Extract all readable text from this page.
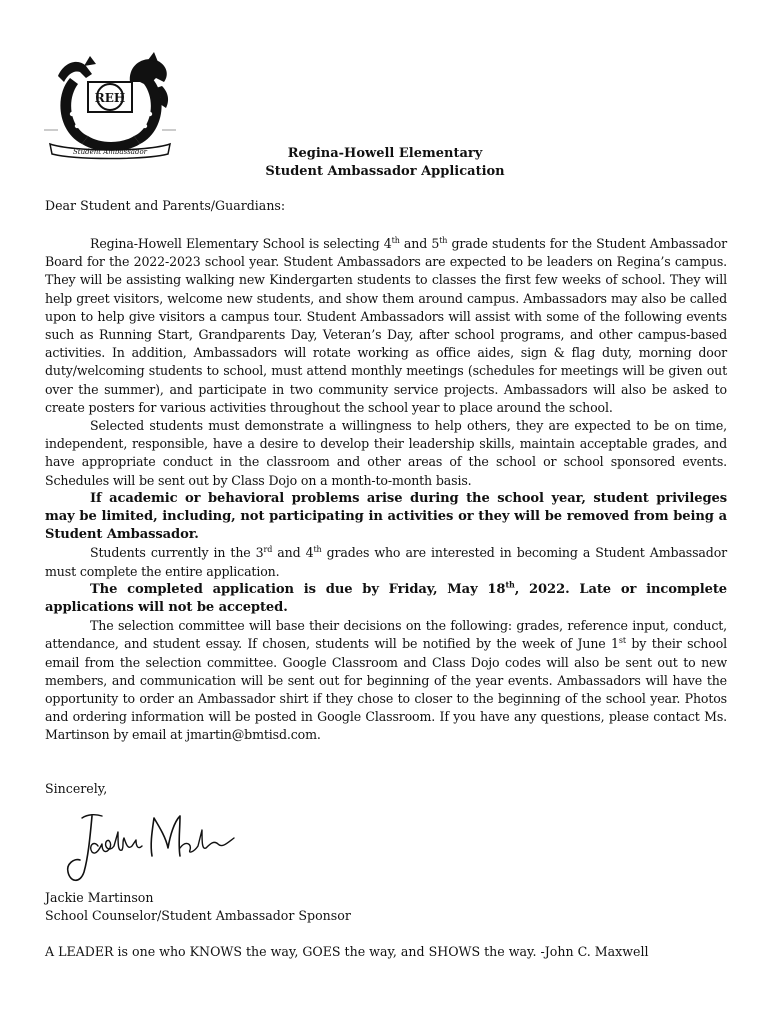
REH
Student Ambassador	Regina-Howell Elementary
Student Ambassador Application
Dear Student and Parents/Guardians:

Regina-Howell Elementary School is selecting 4th and 5th grade students for the Student Ambassador Board for the 2022-2023 school year. Student Ambassadors are expected to be leaders on Regina’s campus. They will be assisting walking new Kindergarten students to classes the first few weeks of school. They will help greet visitors, welcome new students, and show them around campus. Ambassadors may also be called upon to help give visitors a campus tour. Student Ambassadors will assist with some of the following events such as Running Start, Grandparents Day, Veteran’s Day, after school programs, and other campus-based activities. In addition, Ambassadors will rotate working as office aides, sign & flag duty, morning door duty/welcoming students to school, must attend monthly meetings (schedules for meetings will be given out over the summer), and participate in two community service projects. Ambassadors will also be asked to create posters for various activities throughout the school year to place around the school.

Selected students must demonstrate a willingness to help others, they are expected to be on time, independent, responsible, have a desire to develop their leadership skills, maintain acceptable grades, and have appropriate conduct in the classroom and other areas of the school or school sponsored events. Schedules will be sent out by Class Dojo on a month-to-month basis.

If academic or behavioral problems arise during the school year, student privileges may be limited, including, not participating in activities or they will be removed from being a Student Ambassador.

Students currently in the 3rd and 4th grades who are interested in becoming a Student Ambassador must complete the entire application.

The completed application is due by Friday, May 18th, 2022. Late or incomplete applications will not be accepted.

The selection committee will base their decisions on the following: grades, reference input, conduct, attendance, and student essay. If chosen, students will be notified by the week of June 1st by their school email from the selection committee. Google Classroom and Class Dojo codes will also be sent out to new members, and communication will be sent out for beginning of the year events. Ambassadors will have the opportunity to order an Ambassador shirt if they chose to closer to the beginning of the school year. Photos and ordering information will be posted in Google Classroom. If you have any questions, please contact Ms. Martinson by email at jmartin@bmtisd.com.

Sincerely,
Jackie Martinson
School Counselor/Student Ambassador Sponsor
A LEADER is one who KNOWS the way, GOES the way, and SHOWS the way. -John C. Maxwell
